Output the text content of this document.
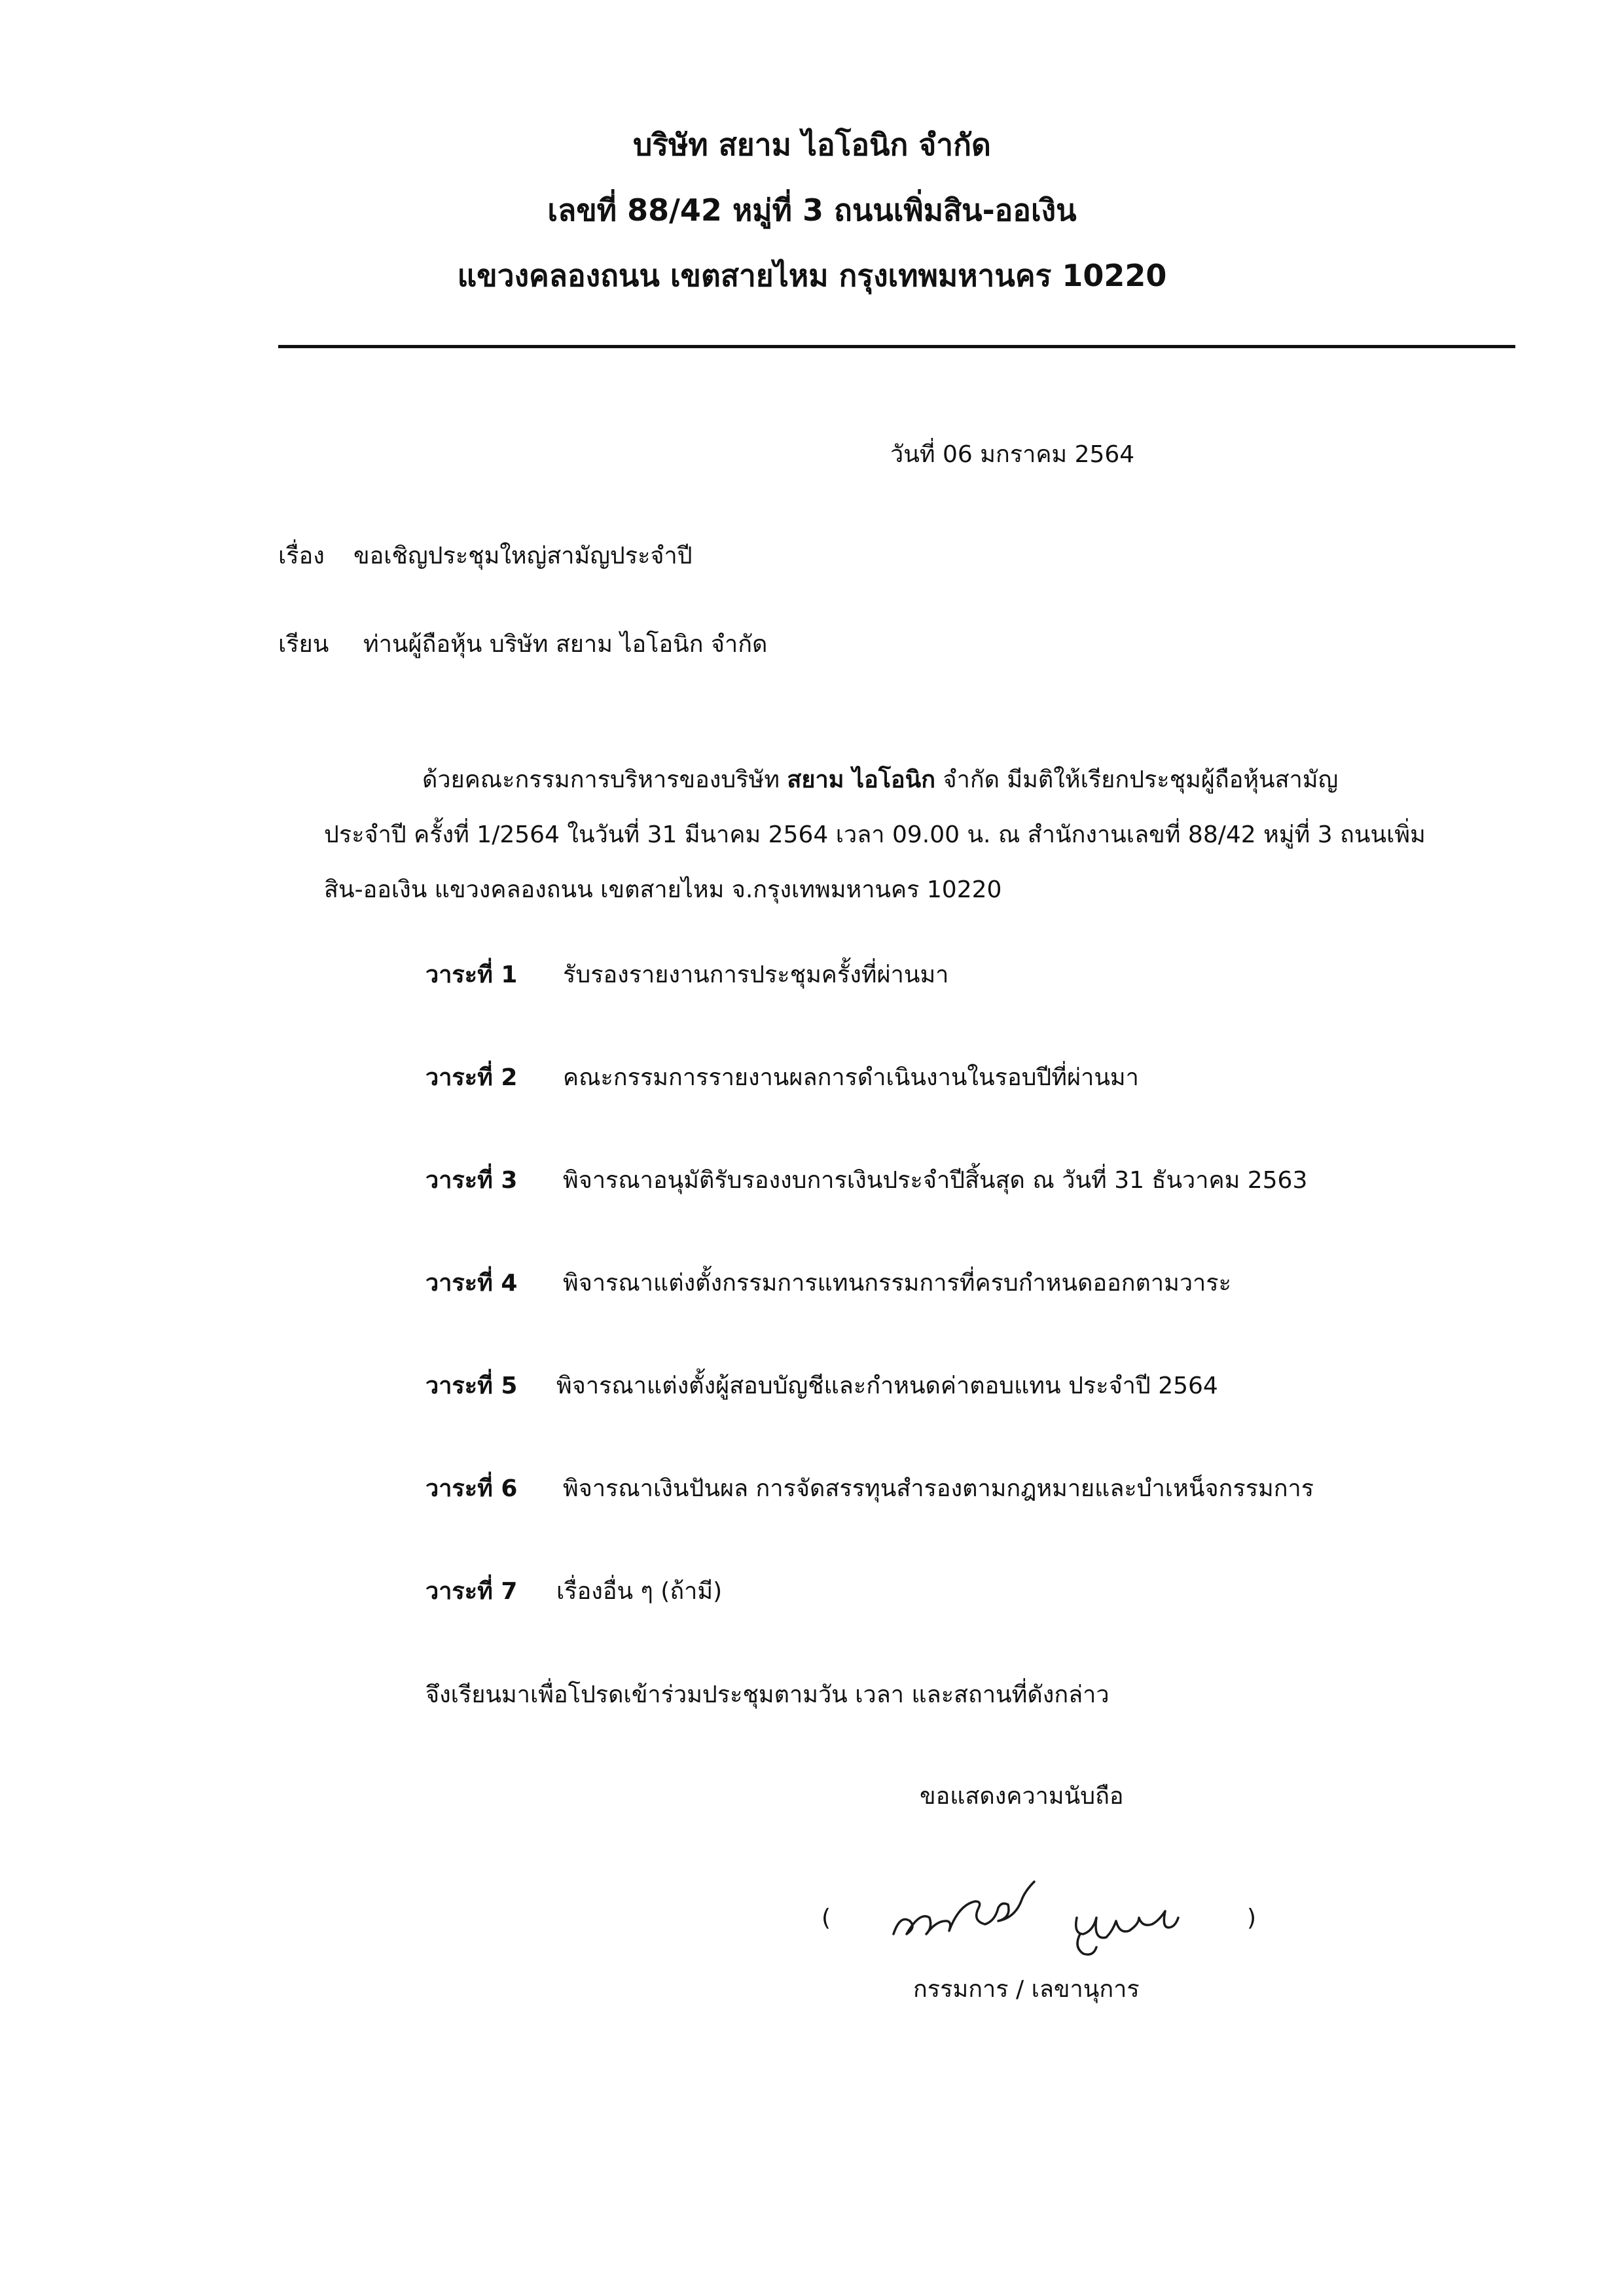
บริษัท สยาม ไอโอนิก จำกัด
เลขที่ 88/42 หมู่ที่ 3 ถนนเพิ่มสิน-ออเงิน
แขวงคลองถนน เขตสายไหม กรุงเทพมหานคร 10220
วันที่ 06 มกราคม 2564
เรื่อง ขอเชิญประชุมใหญ่สามัญประจำปี
เรียน ท่านผู้ถือหุ้น บริษัท สยาม ไอโอนิก จำกัด
ด้วยคณะกรรมการบริหารของบริษัท สยาม ไอโอนิก จำกัด มีมติให้เรียกประชุมผู้ถือหุ้นสามัญ
ประจำปี ครั้งที่ 1/2564 ในวันที่ 31 มีนาคม 2564 เวลา 09.00 น. ณ สำนักงานเลขที่ 88/42 หมู่ที่ 3 ถนนเพิ่ม
สิน-ออเงิน แขวงคลองถนน เขตสายไหม จ.กรุงเทพมหานคร 10220
วาระที่ 1 รับรองรายงานการประชุมครั้งที่ผ่านมา
วาระที่ 2 คณะกรรมการรายงานผลการดำเนินงานในรอบปีที่ผ่านมา
วาระที่ 3 พิจารณาอนุมัติรับรองงบการเงินประจำปีสิ้นสุด ณ วันที่ 31 ธันวาคม 2563
วาระที่ 4 พิจารณาแต่งตั้งกรรมการแทนกรรมการที่ครบกำหนดออกตามวาระ
วาระที่ 5 พิจารณาแต่งตั้งผู้สอบบัญชีและกำหนดค่าตอบแทน ประจำปี 2564
วาระที่ 6 พิจารณาเงินปันผล การจัดสรรทุนสำรองตามกฎหมายและบำเหน็จกรรมการ
วาระที่ 7 เรื่องอื่น ๆ (ถ้ามี)
จึงเรียนมาเพื่อโปรดเข้าร่วมประชุมตามวัน เวลา และสถานที่ดังกล่าว
ขอแสดงความนับถือ
(	)
กรรมการ / เลขานุการ
